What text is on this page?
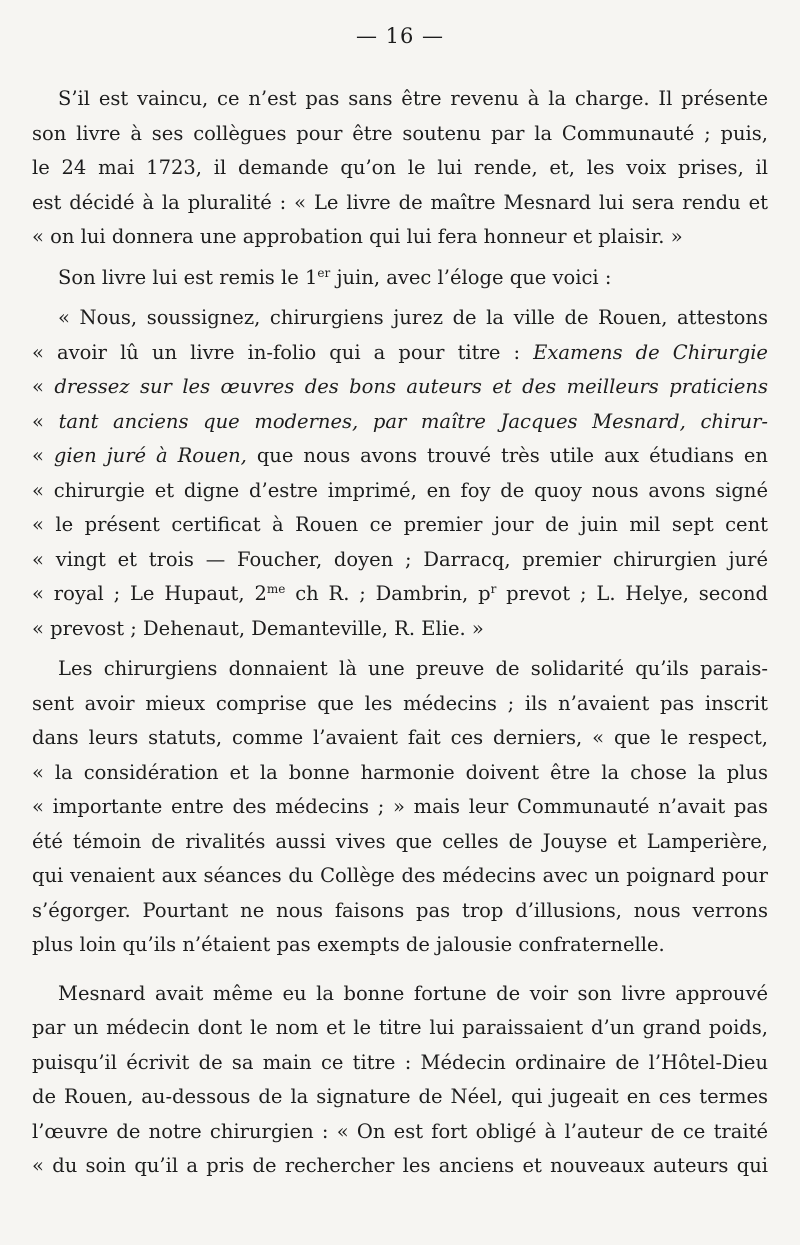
— 16 —
S’il est vaincu, ce n’est pas sans être revenu à la charge. Il présente
son livre à ses collègues pour être soutenu par la Communauté ; puis,
le 24 mai 1723, il demande qu’on le lui rende, et, les voix prises, il
est décidé à la pluralité : « Le livre de maître Mesnard lui sera rendu et
« on lui donnera une approbation qui lui fera honneur et plaisir. »
Son livre lui est remis le 1er juin, avec l’éloge que voici :
« Nous, soussignez, chirurgiens jurez de la ville de Rouen, attestons
« avoir lû un livre in-folio qui a pour titre : Examens de Chirurgie
« dressez sur les œuvres des bons auteurs et des meilleurs praticiens
« tant anciens que modernes, par maître Jacques Mesnard, chirur-
« gien juré à Rouen, que nous avons trouvé très utile aux étudians en
« chirurgie et digne d’estre imprimé, en foy de quoy nous avons signé
« le présent certificat à Rouen ce premier jour de juin mil sept cent
« vingt et trois — Foucher, doyen ; Darracq, premier chirurgien juré
« royal ; Le Hupaut, $2^{me}$ ch R. ; Dambrin, $p^r$ prevot ; L. Helye, second
« prevost ; Dehenaut, Demanteville, R. Elie. »
Les chirurgiens donnaient là une preuve de solidarité qu’ils parais-
sent avoir mieux comprise que les médecins ; ils n’avaient pas inscrit
dans leurs statuts, comme l’avaient fait ces derniers, « que le respect,
« la considération et la bonne harmonie doivent être la chose la plus
« importante entre des médecins ; » mais leur Communauté n’avait pas
été témoin de rivalités aussi vives que celles de Jouyse et Lamperière,
qui venaient aux séances du Collège des médecins avec un poignard pour
s’égorger. Pourtant ne nous faisons pas trop d’illusions, nous verrons
plus loin qu’ils n’étaient pas exempts de jalousie confraternelle.
Mesnard avait même eu la bonne fortune de voir son livre approuvé
par un médecin dont le nom et le titre lui paraissaient d’un grand poids,
puisqu’il écrivit de sa main ce titre : Médecin ordinaire de l’Hôtel-Dieu
de Rouen, au-dessous de la signature de Néel, qui jugeait en ces termes
l’œuvre de notre chirurgien : « On est fort obligé à l’auteur de ce traité
« du soin qu’il a pris de rechercher les anciens et nouveaux auteurs qui
